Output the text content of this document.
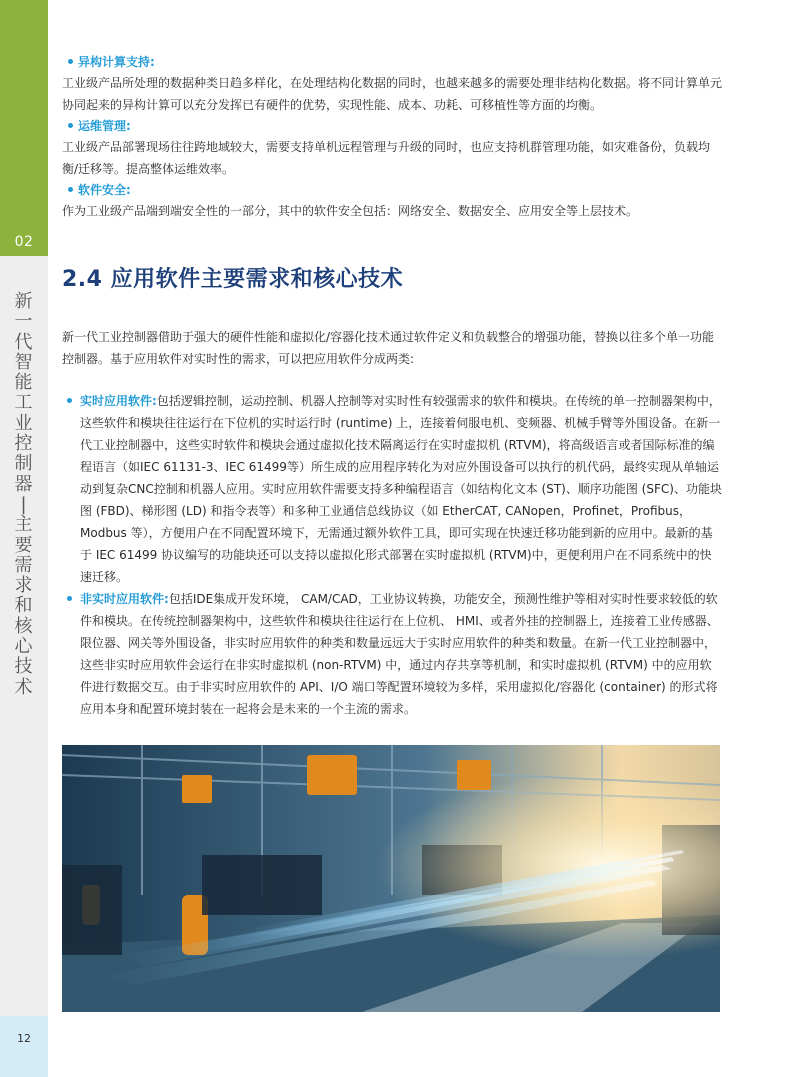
02
新
一
代
智
能
工
业
控
制
器
|
主
要
需
求
和
核
心
技
术
12
异构计算支持:

工业级产品所处理的数据种类日趋多样化，在处理结构化数据的同时，也越来越多的需要处理非结构化数据。将不同计算单元协同起来的异构计算可以充分发挥已有硬件的优势，实现性能、成本、功耗、可移植性等方面的均衡。

运维管理:

工业级产品部署现场往往跨地域较大，需要支持单机远程管理与升级的同时，也应支持机群管理功能，如灾难备份，负载均衡/迁移等。提高整体运维效率。

软件安全:

作为工业级产品端到端安全性的一部分，其中的软件安全包括：网络安全、数据安全、应用安全等上层技术。

2.4 应用软件主要需求和核心技术

新一代工业控制器借助于强大的硬件性能和虚拟化/容器化技术通过软件定义和负载整合的增强功能，替换以往多个单一功能控制器。基于应用软件对实时性的需求，可以把应用软件分成两类:

实时应用软件:包括逻辑控制，运动控制、机器人控制等对实时性有较强需求的软件和模块。在传统的单一控制器架构中，这些软件和模块往往运行在下位机的实时运行时 (runtime) 上，连接着伺服电机、变频器、机械手臂等外围设备。在新一代工业控制器中，这些实时软件和模块会通过虚拟化技术隔离运行在实时虚拟机 (RTVM)，将高级语言或者国际标准的编程语言（如IEC 61131-3、IEC 61499等）所生成的应用程序转化为对应外围设备可以执行的机代码，最终实现从单轴运动到复杂CNC控制和机器人应用。实时应用软件需要支持多种编程语言（如结构化文本 (ST)、顺序功能图 (SFC)、功能块图 (FBD)、梯形图 (LD) 和指令表等）和多种工业通信总线协议（如 EtherCAT, CANopen，Profinet，Profibus，Modbus 等），方便用户在不同配置环境下，无需通过额外软件工具，即可实现在快速迁移功能到新的应用中。最新的基于 IEC 61499 协议编写的功能块还可以支持以虚拟化形式部署在实时虚拟机 (RTVM)中，更便利用户在不同系统中的快速迁移。

非实时应用软件:包括IDE集成开发环境， CAM/CAD，工业协议转换，功能安全，预测性维护等相对实时性要求较低的软件和模块。在传统控制器架构中，这些软件和模块往往运行在上位机、 HMI、或者外挂的控制器上，连接着工业传感器、限位器、网关等外围设备，非实时应用软件的种类和数量远远大于实时应用软件的种类和数量。在新一代工业控制器中，这些非实时应用软件会运行在非实时虚拟机 (non-RTVM) 中，通过内存共享等机制，和实时虚拟机 (RTVM) 中的应用软件进行数据交互。由于非实时应用软件的 API、I/O 端口等配置环境较为多样，采用虚拟化/容器化 (container) 的形式将应用本身和配置环境封装在一起将会是未来的一个主流的需求。
